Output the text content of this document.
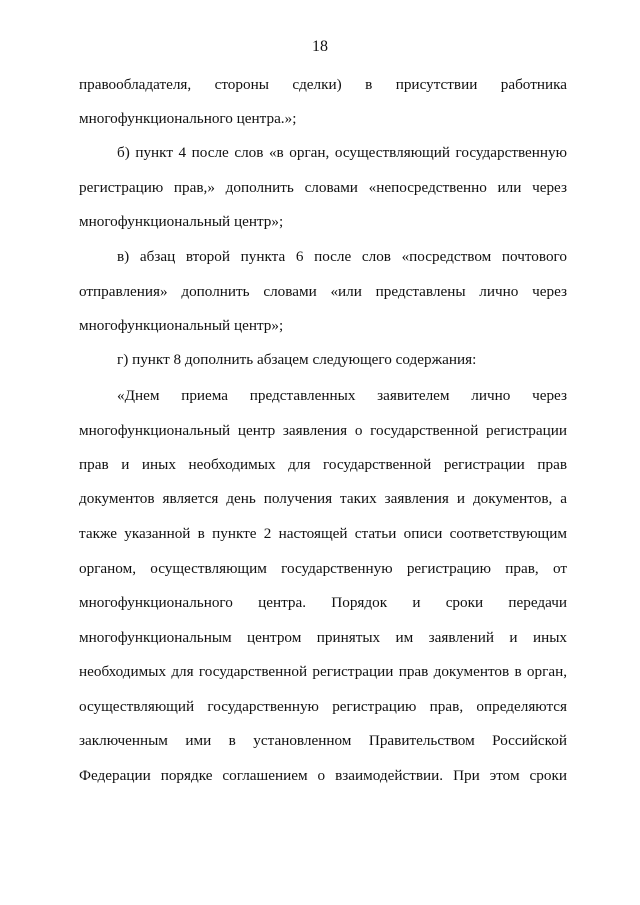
18
правообладателя, стороны сделки) в присутствии работника
многофункционального центра.»;
б) пункт 4 после слов «в орган, осуществляющий государственную
регистрацию прав,» дополнить словами «непосредственно или через
многофункциональный центр»;
в) абзац второй пункта 6 после слов «посредством почтового
отправления» дополнить словами «или представлены лично через
многофункциональный центр»;
г) пункт 8 дополнить абзацем следующего содержания:
«Днем приема представленных заявителем лично через
многофункциональный центр заявления о государственной регистрации
прав и иных необходимых для государственной регистрации прав
документов является день получения таких заявления и документов, а
также указанной в пункте 2 настоящей статьи описи соответствующим
органом, осуществляющим государственную регистрацию прав, от
многофункционального центра. Порядок и сроки передачи
многофункциональным центром принятых им заявлений и иных
необходимых для государственной регистрации прав документов в орган,
осуществляющий государственную регистрацию прав, определяются
заключенным ими в установленном Правительством Российской
Федерации порядке соглашением о взаимодействии. При этом сроки
